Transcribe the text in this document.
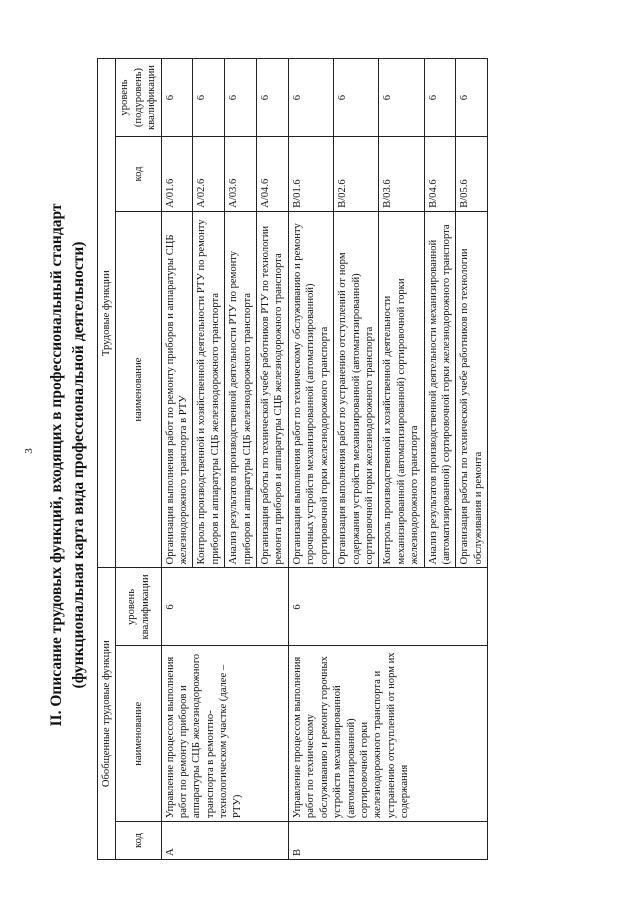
3 II. Описание трудовых функций, входящих в профессиональный стандарт (функциональная карта вида профессиональной деятельности)
Обобщенные трудовые функции			Трудовые функции		
код	наименование	уровень квалификации	наименование	код	уровень (подуровень) квалификации
А	Управление процессом выполнения работ по ремонту приборов и аппаратуры СЦБ железнодорожного транспорта в ремонтно-технологическом участке (далее – РТУ)	6	Организация выполнения работ по ремонту приборов и аппаратуры СЦБ железнодорожного транспорта в РТУ	A/01.6	6
			Контроль производственной и хозяйственной деятельности РТУ по ремонту приборов и аппаратуры СЦБ железнодорожного транспорта	A/02.6	6
			Анализ результатов производственной деятельности РТУ по ремонту приборов и аппаратуры СЦБ железнодорожного транспорта	A/03.6	6
			Организация работы по технической учебе работников РТУ по технологии ремонта приборов и аппаратуры СЦБ железнодорожного транспорта	A/04.6	6
В	Управление процессом выполнения работ по техническому обслуживанию и ремонту горочных устройств механизированной (автоматизированной) сортировочной горки железнодорожного транспорта и устранению отступлений от норм их содержания	6	Организация выполнения работ по техническому обслуживанию и ремонту горочных устройств механизированной (автоматизированной) сортировочной горки железнодорожного транспорта	B/01.6	6
			Организация выполнения работ по устранению отступлений от норм содержания устройств механизированной (автоматизированной) сортировочной горки железнодорожного транспорта	B/02.6	6
			Контроль производственной и хозяйственной деятельности механизированной (автоматизированной) сортировочной горки железнодорожного транспорта	B/03.6	6
			Анализ результатов производственной деятельности механизированной (автоматизированной) сортировочной горки железнодорожного транспорта	B/04.6	6
			Организация работы по технической учебе работников по технологии обслуживания и ремонта	B/05.6	6
